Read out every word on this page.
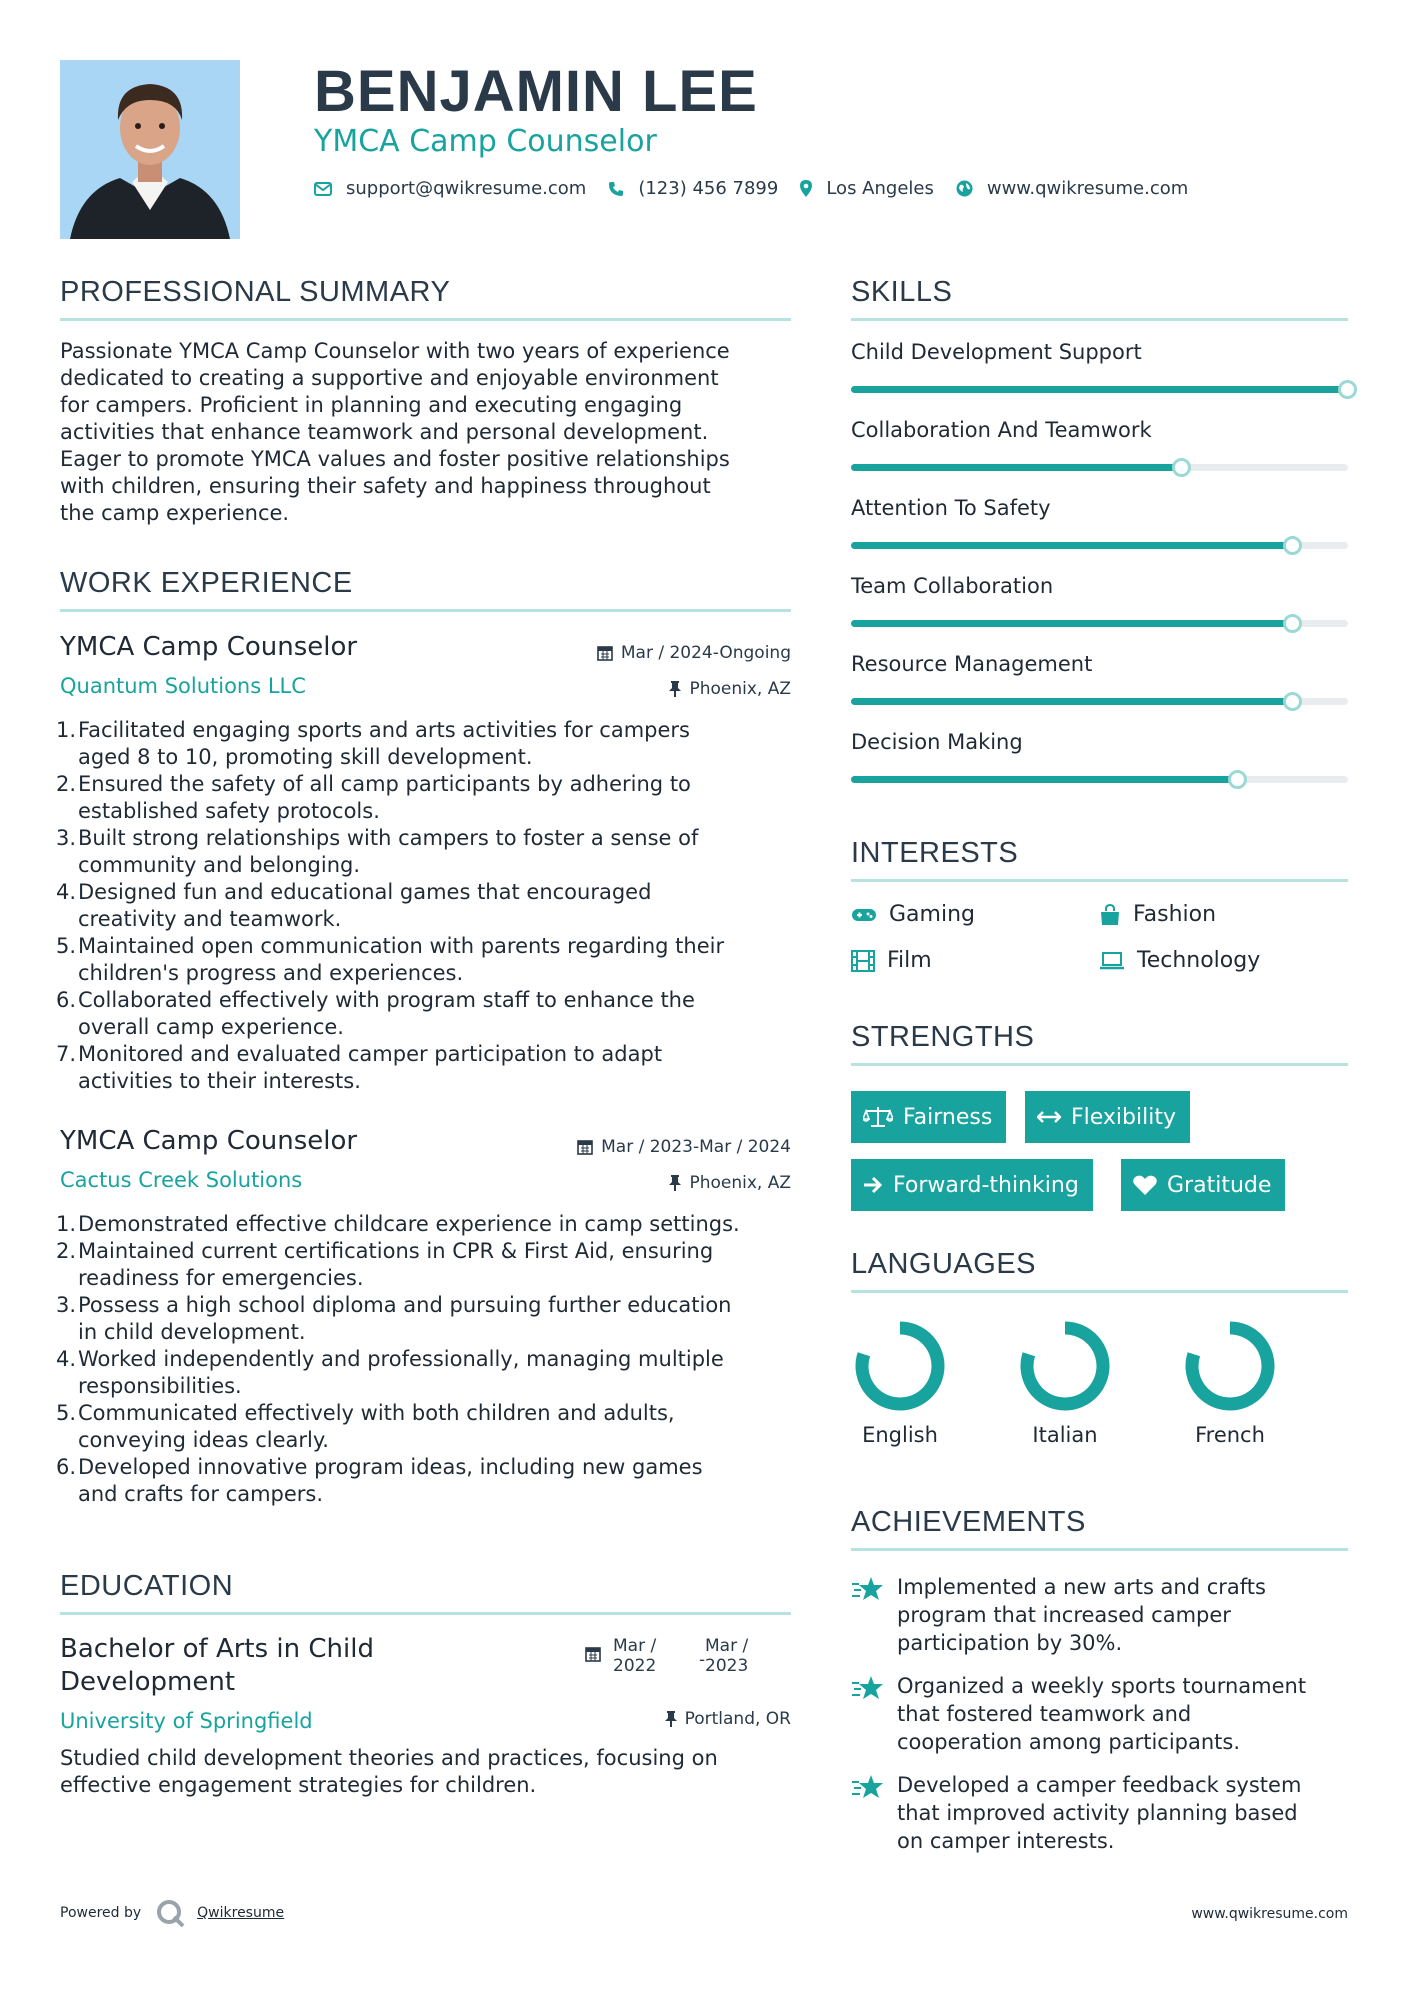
BENJAMIN LEE
YMCA Camp Counselor
support@qwikresume.com	(123) 456 7899	Los Angeles	www.qwikresume.com
PROFESSIONAL SUMMARY
Passionate YMCA Camp Counselor with two years of experience
dedicated to creating a supportive and enjoyable environment
for campers. Proficient in planning and executing engaging
activities that enhance teamwork and personal development.
Eager to promote YMCA values and foster positive relationships
with children, ensuring their safety and happiness throughout
the camp experience.
WORK EXPERIENCE
YMCA Camp Counselor	Mar / 2024-Ongoing
Quantum Solutions LLC	Phoenix, AZ
1. Facilitated engaging sports and arts activities for campers
aged 8 to 10, promoting skill development.
2. Ensured the safety of all camp participants by adhering to
established safety protocols.
3. Built strong relationships with campers to foster a sense of
community and belonging.
4. Designed fun and educational games that encouraged
creativity and teamwork.
5. Maintained open communication with parents regarding their
children's progress and experiences.
6. Collaborated effectively with program staff to enhance the
overall camp experience.
7. Monitored and evaluated camper participation to adapt
activities to their interests.
YMCA Camp Counselor	Mar / 2023-Mar / 2024
Cactus Creek Solutions	Phoenix, AZ
1. Demonstrated effective childcare experience in camp settings.
2. Maintained current certifications in CPR & First Aid, ensuring
readiness for emergencies.
3. Possess a high school diploma and pursuing further education
in child development.
4. Worked independently and professionally, managing multiple
responsibilities.
5. Communicated effectively with both children and adults,
conveying ideas clearly.
6. Developed innovative program ideas, including new games
and crafts for campers.
EDUCATION
Bachelor of Arts in Child
Development
Mar /
2022	-
Mar /
2023
University of Springfield	Portland, OR
Studied child development theories and practices, focusing on
effective engagement strategies for children.
SKILLS
Child Development Support
Collaboration And Teamwork
Attention To Safety
Team Collaboration
Resource Management
Decision Making
INTERESTS
Gaming	Fashion
Film	Technology
STRENGTHS
Fairness	Flexibility
Forward-thinking	Gratitude
LANGUAGES
English	Italian	French
ACHIEVEMENTS
Implemented a new arts and crafts
program that increased camper
participation by 30%.
Organized a weekly sports tournament
that fostered teamwork and
cooperation among participants.
Developed a camper feedback system
that improved activity planning based
on camper interests.
Powered by	Qwikresume	www.qwikresume.com
